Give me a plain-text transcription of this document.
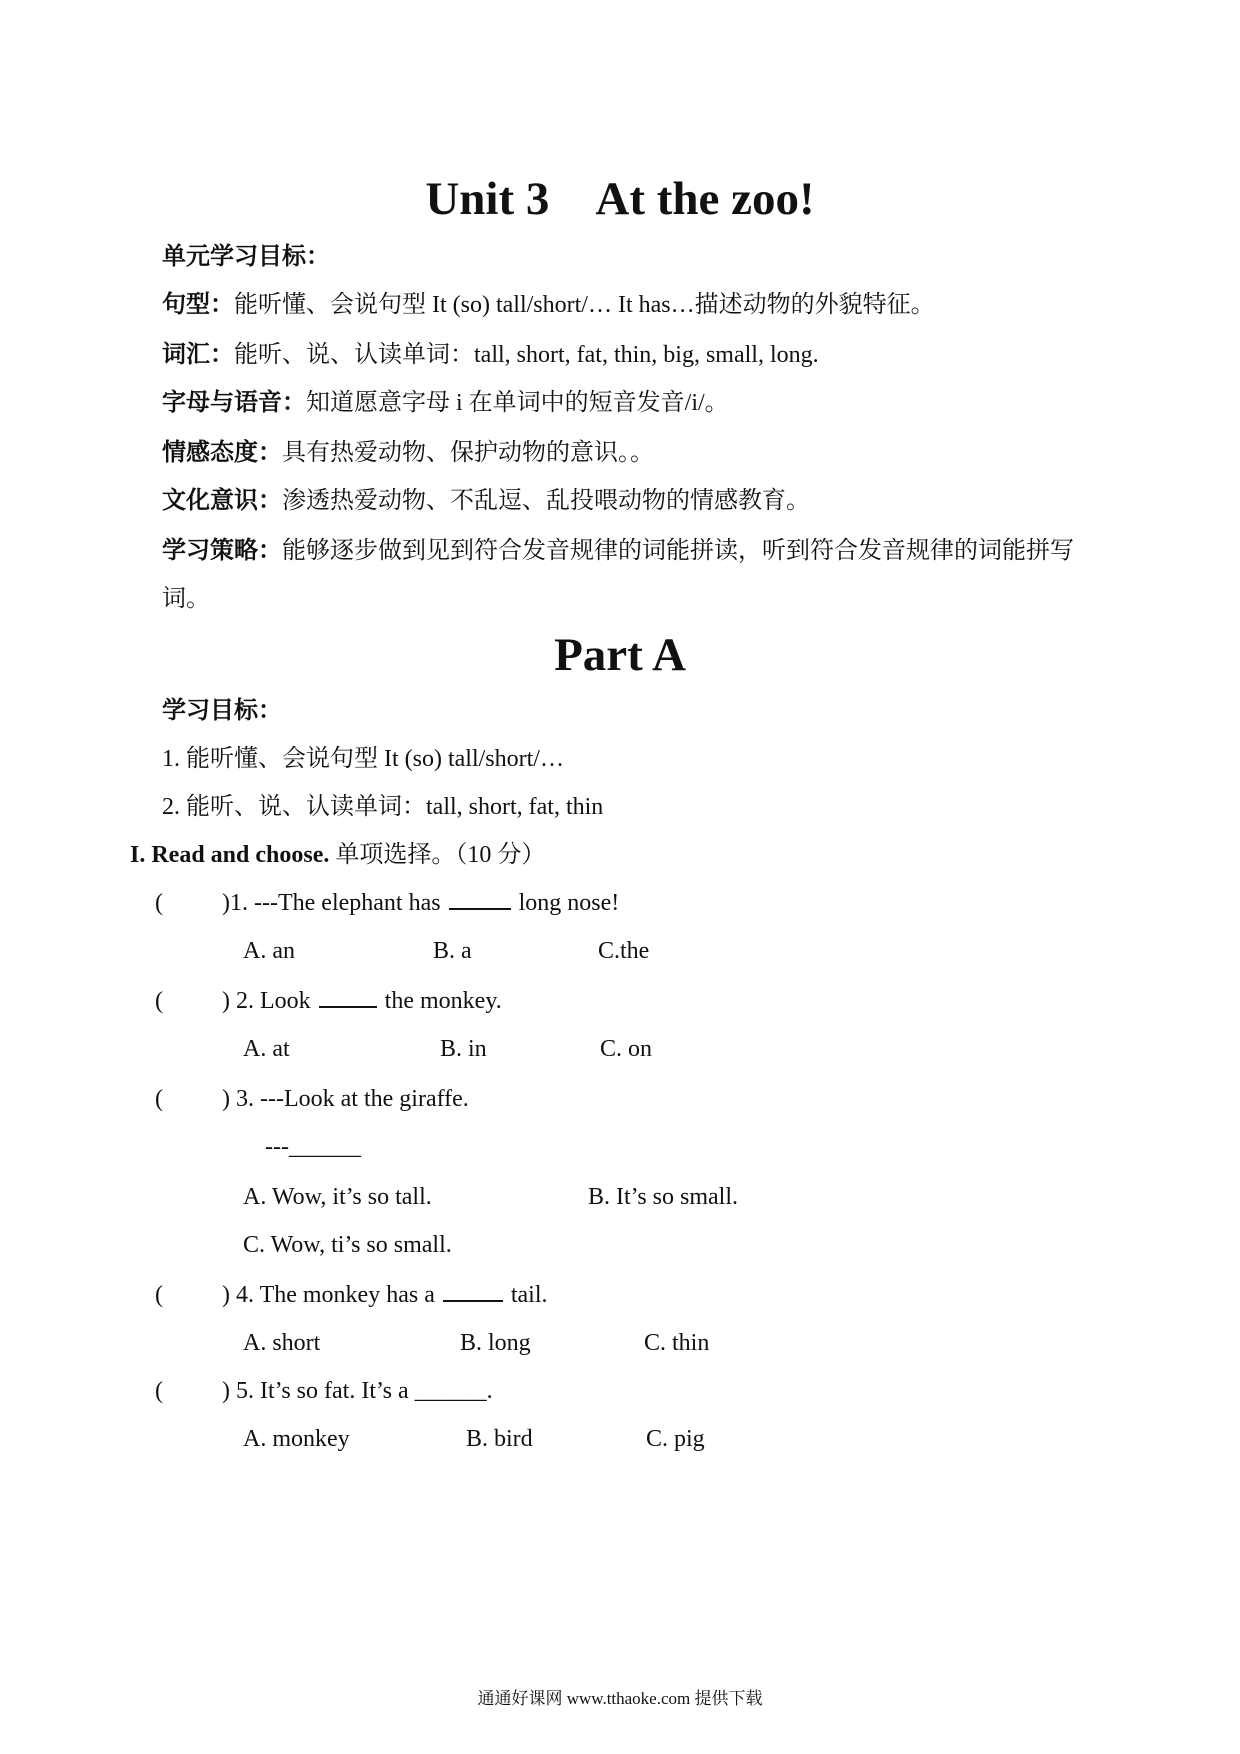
Unit 3 At the zoo!
单元学习目标：
句型：能听懂、会说句型 It (so) tall/short/… It has…描述动物的外貌特征。
词汇：能听、说、认读单词：tall, short, fat, thin, big, small, long.
字母与语音：知道愿意字母 i 在单词中的短音发音/i/。
情感态度：具有热爱动物、保护动物的意识。。
文化意识：渗透热爱动物、不乱逗、乱投喂动物的情感教育。
学习策略：能够逐步做到见到符合发音规律的词能拼读，听到符合发音规律的词能拼写
词。
Part A
学习目标：
1. 能听懂、会说句型 It (so) tall/short/…
2. 能听、说、认读单词：tall, short, fat, thin
I. Read and choose. 单项选择。（10 分）
( )1. ---The elephant has	long nose!
A. an	B. a	C.the
( ) 2. Look	the monkey.
A. at	B. in	C. on
( ) 3. ---Look at the giraffe.
---______
A. Wow, it’s so tall.	B. It’s so small.
C. Wow, ti’s so small.
( ) 4. The monkey has a	tail.
A. short	B. long	C. thin
( ) 5. It’s so fat. It’s a ______.
A. monkey	B. bird	C. pig
通通好课网 www.tthaoke.com 提供下载
